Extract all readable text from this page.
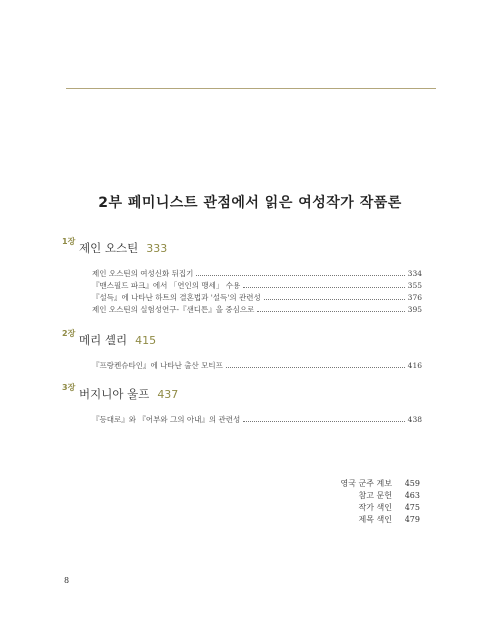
2부 페미니스트 관점에서 읽은 여성작가 작품론
1장 제인 오스틴 333
제인 오스틴의 여성신화 뒤집기	334
『맨스필드 파크』에서 「연인의 맹세」 수용	355
『설득』에 나타난 하트의 결혼법과 '설득'의 관련성	376
제인 오스틴의 실험성연구-『샌디튼』을 중심으로	395
2장 메리 셸리 415
『프랑켄슈타인』에 나타난 출산 모티프	416
3장 버지니아 울프 437
『등대로』와 『어부와 그의 아내』의 관련성	438
영국 군주 계보 459
참고 문헌 463
작가 색인 475
제목 색인 479
8
